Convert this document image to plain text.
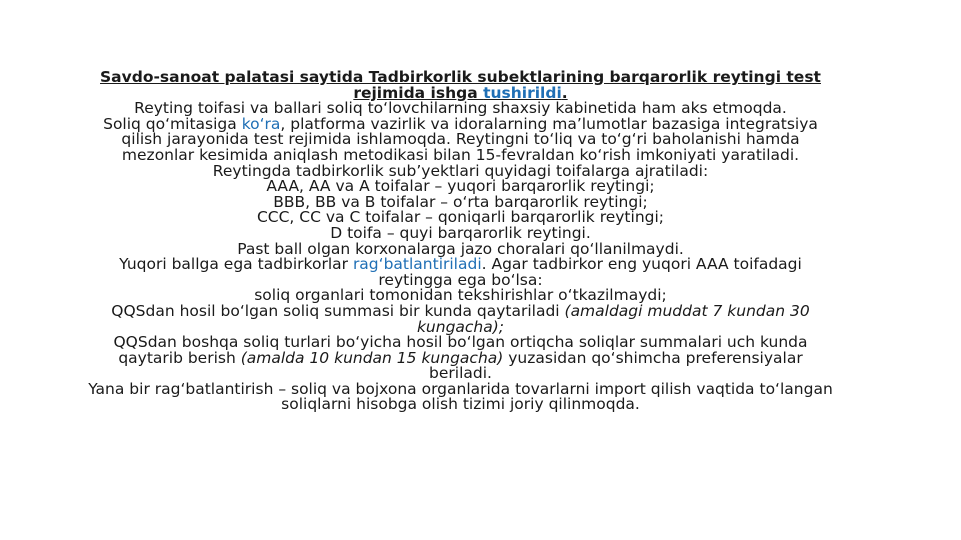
Savdo-sanoat palatasi saytida Tadbirkorlik subektlarining barqarorlik reytingi test rejimida ishga tushirildi.

Reyting toifasi va ballari soliq to‘lovchilarning shaxsiy kabinetida ham aks etmoqda.

Soliq qo‘mitasiga ko‘ra, platforma vazirlik va idoralarning ma’lumotlar bazasiga integratsiya qilish jarayonida test rejimida ishlamoqda. Reytingni to‘liq va to‘g‘ri baholanishi hamda mezonlar kesimida aniqlash metodikasi bilan 15-fevraldan ko‘rish imkoniyati yaratiladi.

Reytingda tadbirkorlik sub’yektlari quyidagi toifalarga ajratiladi:

AAA, AA va A toifalar – yuqori barqarorlik reytingi;

BBB, BB va B toifalar – o‘rta barqarorlik reytingi;

CCC, CC va C toifalar – qoniqarli barqarorlik reytingi;

D toifa – quyi barqarorlik reytingi.

Past ball olgan korxonalarga jazo choralari qo‘llanilmaydi.

Yuqori ballga ega tadbirkorlar rag‘batlantiriladi. Agar tadbirkor eng yuqori AAA toifadagi reytingga ega bo‘lsa:

soliq organlari tomonidan tekshirishlar o‘tkazilmaydi;

QQSdan hosil bo‘lgan soliq summasi bir kunda qaytariladi (amaldagi muddat 7 kundan 30 kungacha);

QQSdan boshqa soliq turlari bo‘yicha hosil bo‘lgan ortiqcha soliqlar summalari uch kunda qaytarib berish (amalda 10 kundan 15 kungacha) yuzasidan qo‘shimcha preferensiyalar beriladi.

Yana bir rag‘batlantirish – soliq va bojxona organlarida tovarlarni import qilish vaqtida to‘langan soliqlarni hisobga olish tizimi joriy qilinmoqda.
